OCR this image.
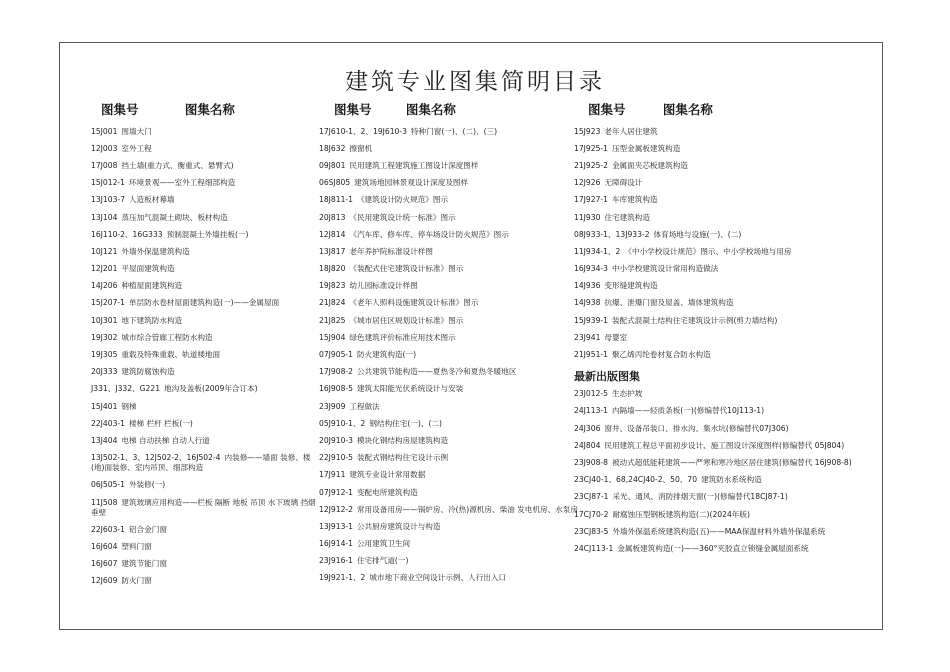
建筑专业图集简明目录
图集号	图集名称
15J001 围墙大门
12J003 室外工程
17J008 挡土墙(重力式、衡重式、悬臂式)
15J012-1 环境景观——室外工程细部构造
13J103-7 人造板材幕墙
13J104 蒸压加气混凝土砌块、板材构造
16J110-2、16G333 预制混凝土外墙挂板(一)
10J121 外墙外保温建筑构造
12J201 平屋面建筑构造
14J206 种植屋面建筑构造
15J207-1 单层防水卷材屋面建筑构造(一)——金属屋面
10J301 地下建筑防水构造
19J302 城市综合管廊工程防水构造
19J305 重载及特殊重载、轨道楼地面
20J333 建筑防腐蚀构造
J331、J332、G221 地沟及盖板(2009年合订本)
15J401 钢梯
22J403-1 楼梯 栏杆 栏板(一)
13J404 电梯 自动扶梯 自动人行道
13J502-1、3、12J502-2、16J502-4 内装修——墙面 装修、楼(地)面装修、室内吊顶、细部构造
06J505-1 外装修(一)
11J508 建筑玻璃应用构造——栏板 隔断 地板 吊顶 水下玻璃 挡烟垂壁
22J603-1 铝合金门窗
16J604 塑料门窗
16J607 建筑节能门窗
12J609 防火门窗
图集号	图集名称
17J610-1、2、19J610-3 特种门窗(一)、(二)、(三)
18J632 擦窗机
09J801 民用建筑工程建筑施工图设计深度图样
06SJ805 建筑场地园林景观设计深度及图样
18J811-1 《建筑设计防火规范》图示
20J813 《民用建筑设计统一标准》图示
12J814 《汽车库、修车库、停车场设计防火规范》图示
13J817 老年养护院标准设计样图
18J820 《装配式住宅建筑设计标准》图示
19J823 幼儿园标准设计样图
21J824 《老年人照料设施建筑设计标准》图示
21J825 《城市居住区规划设计标准》图示
15J904 绿色建筑评价标准应用技术图示
07J905-1 防火建筑构造(一)
17J908-2 公共建筑节能构造——夏热冬冷和夏热冬暖地区
16J908-5 建筑太阳能光伏系统设计与安装
23J909 工程做法
05J910-1、2 钢结构住宅(一)、(二)
20J910-3 模块化钢结构房屋建筑构造
22J910-5 装配式钢结构住宅设计示例
17J911 建筑专业设计常用数据
07J912-1 变配电所建筑构造
12J912-2 常用设备用房——锅炉房、冷(热)源机房、柴油 发电机房、水泵房
13J913-1 公共厨房建筑设计与构造
16J914-1 公用建筑卫生间
23J916-1 住宅排气道(一)
19J921-1、2 城市地下商业空间设计示例、人行出入口
图集号	图集名称
15J923 老年人居住建筑
17J925-1 压型金属板建筑构造
21J925-2 金属面夹芯板建筑构造
12J926 无障碍设计
17J927-1 车库建筑构造
11J930 住宅建筑构造
08J933-1、13J933-2 体育场地与设施(一)、(二)
11J934-1、2 《中小学校设计规范》图示、中小学校场地与用房
16J934-3 中小学校建筑设计常用构造做法
14J936 变形缝建筑构造
14J938 抗爆、泄爆门窗及屋盖、墙体建筑构造
15J939-1 装配式混凝土结构住宅建筑设计示例(剪力墙结构)
23J941 母婴室
21J951-1 聚乙烯丙纶卷材复合防水构造
最新出版图集
23J012-5 生态护坡
24J113-1 内隔墙——轻质条板(一)(修编替代10J113-1)
24J306 窗井、设备吊装口、排水沟、集水坑(修编替代07J306)
24J804 民用建筑工程总平面初步设计、施工图设计深度图样(修编替代 05J804)
23J908-8 被动式超低能耗建筑——严寒和寒冷地区居住建筑(修编替代 16J908-8)
23CJ40-1、68,24CJ40-2、50、70 建筑防水系统构造
23CJ87-1 采光、通风、消防排烟天窗(一)(修编替代18CJ87-1)
17CJ70-2 耐腐蚀压型钢板建筑构造(二)(2024年版)
23CJ83-5 外墙外保温系统建筑构造(五)——MAA保温材料外墙外保温系统
24CJ113-1 金属板建筑构造(一)——360°夹胶直立锁缝金属屋面系统
